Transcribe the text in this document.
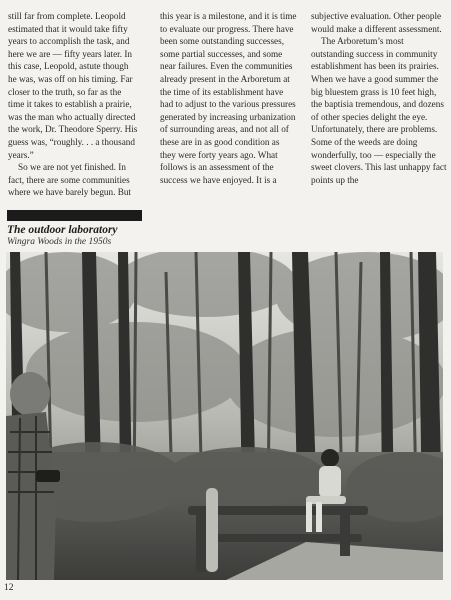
still far from complete. Leopold estimated that it would take fifty years to accomplish the task, and here we are — fifty years later. In this case, Leopold, astute though he was, was off on his timing. Far closer to the truth, so far as the time it takes to establish a prairie, was the man who actually directed the work, Dr. Theodore Sperry. His guess was, “roughly. . . a thousand years.”

So we are not yet finished. In fact, there are some communities where we have barely begun. But

this year is a milestone, and it is time to evaluate our progress. There have been some outstanding successes, some partial successes, and some near failures. Even the communities already present in the Arboretum at the time of its establishment have had to adjust to the various pressures generated by increasing urbanization of surrounding areas, and not all of these are in as good condition as they were forty years ago. What follows is an assessment of the success we have enjoyed. It is a

subjective evaluation. Other people would make a different assessment.

The Arboretum’s most outstanding success in community establishment has been its prairies. When we have a good summer the big bluestem grass is 10 feet high, the baptisia tremendous, and dozens of other species delight the eye. Unfortunately, there are problems. Some of the weeds are doing wonderfully, too — especially the sweet clovers. This last unhappy fact points up the

The outdoor laboratory
Wingra Woods in the 1950s
12
